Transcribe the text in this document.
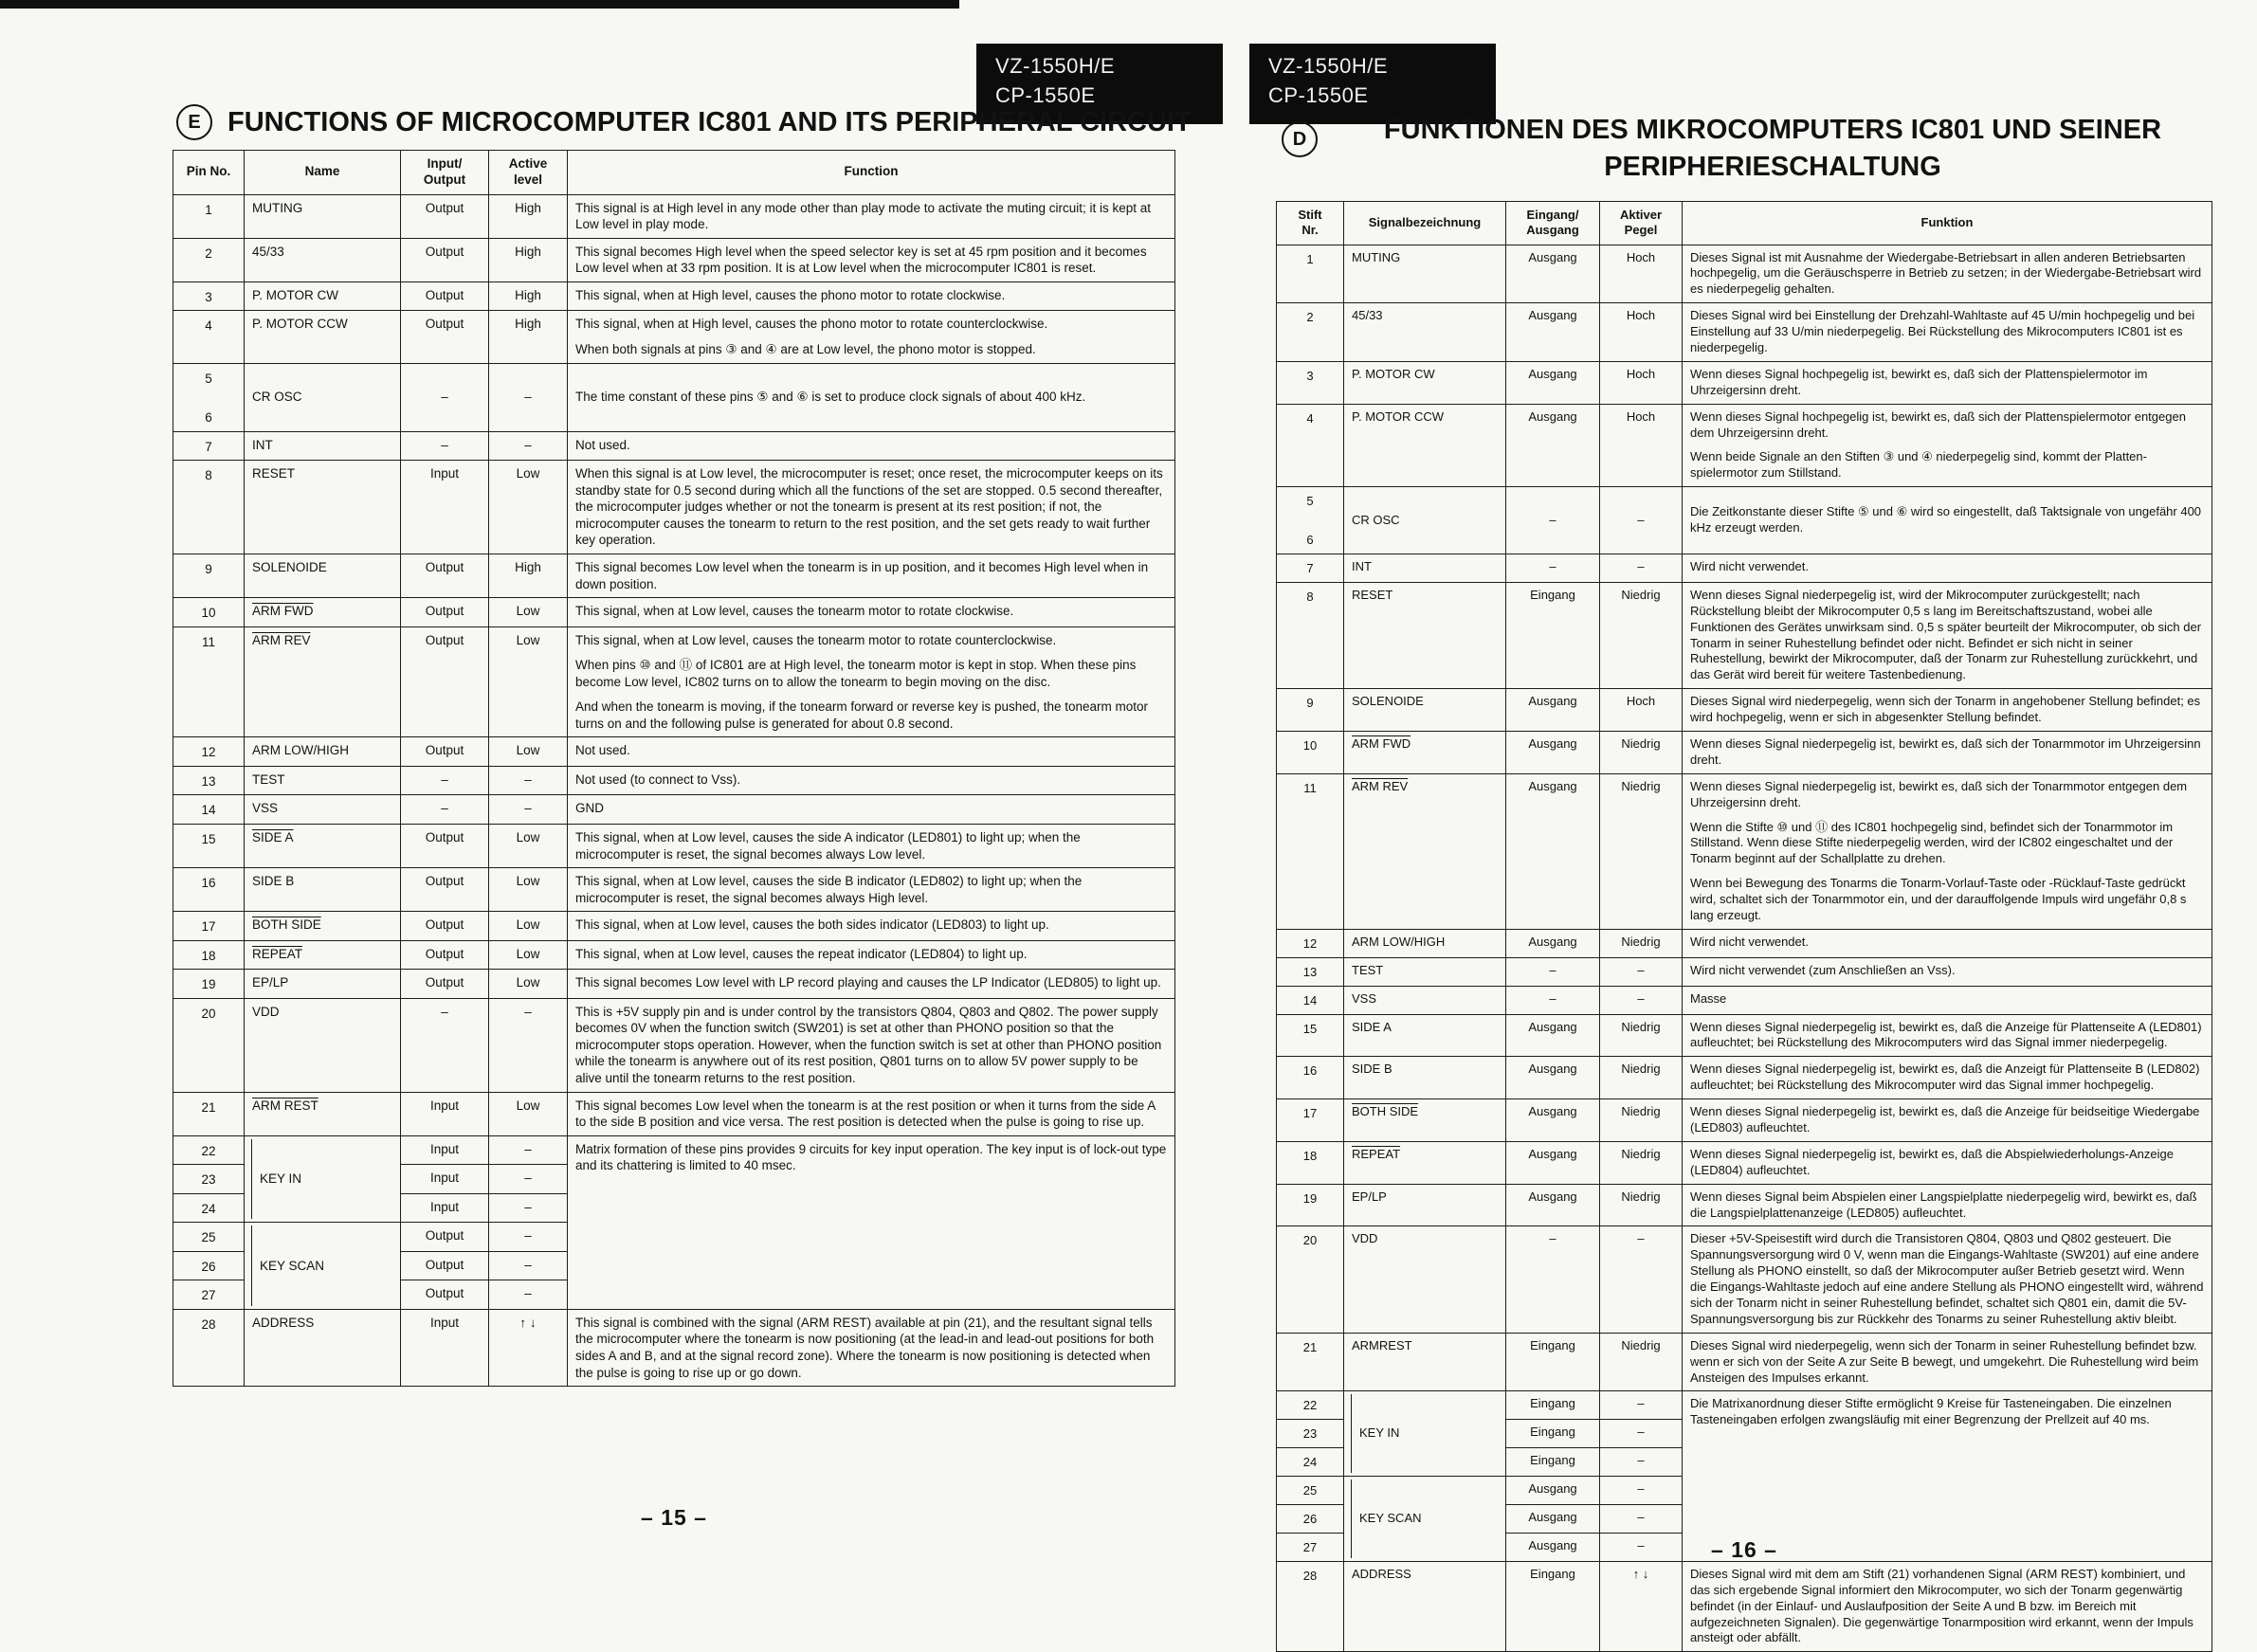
VZ-1550H/E
CP-1550E
VZ-1550H/E
CP-1550E
E FUNCTIONS OF MICROCOMPUTER IC801 AND ITS PERIPHERAL CIRCUIT
D	FUNKTIONEN DES MIKROCOMPUTERS IC801 UND SEINER
PERIPHERIESCHALTUNG
Pin No.	Name	Input/
Output	Active
level	Function
1	MUTING	Output	High	This signal is at High level in any mode other than play mode to activate the muting circuit; it is kept at Low level in play mode.

2	45/33	Output	High	This signal becomes High level when the speed selector key is set at 45 rpm position and it becomes Low level when at 33 rpm position. It is at Low level when the microcomputer IC801 is reset.

3	P. MOTOR CW	Output	High	This signal, when at High level, causes the phono motor to rotate clockwise.

4	P. MOTOR CCW	Output	High	This signal, when at High level, causes the phono motor to rotate counterclockwise.
When both signals at pins ③ and ④ are at Low level, the phono motor is stopped.

5
6	CR OSC	–	–	The time constant of these pins ⑤ and ⑥ is set to produce clock signals of about 400 kHz.

7	INT	–	–	Not used.

8	RESET	Input	Low	When this signal is at Low level, the microcomputer is reset; once reset, the microcomputer keeps on its standby state for 0.5 second during which all the functions of the set are stopped. 0.5 second thereafter, the microcomputer judges whether or not the tonearm is present at its rest position; if not, the microcomputer causes the tonearm to return to the rest position, and the set gets ready to wait further key operation.

9	SOLENOIDE	Output	High	This signal becomes Low level when the tonearm is in up position, and it becomes High level when in down position.

10	ARM FWD	Output	Low	This signal, when at Low level, causes the tonearm motor to rotate clockwise.

11	ARM REV	Output	Low	This signal, when at Low level, causes the tonearm motor to rotate counterclockwise.
When pins ⑩ and ⑪ of IC801 are at High level, the tonearm motor is kept in stop. When these pins become Low level, IC802 turns on to allow the tonearm to begin moving on the disc.
And when the tonearm is moving, if the tonearm forward or reverse key is pushed, the tonearm motor turns on and the following pulse is generated for about 0.8 second.

12	ARM LOW/HIGH	Output	Low	Not used.

13	TEST	–	–	Not used (to connect to Vss).

14	VSS	–	–	GND

15	SIDE A	Output	Low	This signal, when at Low level, causes the side A indicator (LED801) to light up; when the microcomputer is reset, the signal becomes always Low level.

16	SIDE B	Output	Low	This signal, when at Low level, causes the side B indicator (LED802) to light up; when the microcomputer is reset, the signal becomes always High level.

17	BOTH SIDE	Output	Low	This signal, when at Low level, causes the both sides indicator (LED803) to light up.

18	REPEAT	Output	Low	This signal, when at Low level, causes the repeat indicator (LED804) to light up.

19	EP/LP	Output	Low	This signal becomes Low level with LP record playing and causes the LP Indicator (LED805) to light up.

20	VDD	–	–	This is +5V supply pin and is under control by the transistors Q804, Q803 and Q802. The power supply becomes 0V when the function switch (SW201) is set at other than PHONO position so that the microcomputer stops operation. However, when the function switch is set at other than PHONO position while the tonearm is anywhere out of its rest position, Q801 turns on to allow 5V power supply to be alive until the tonearm returns to the rest position.

21	ARM REST	Input	Low	This signal becomes Low level when the tonearm is at the rest position or when it turns from the side A to the side B position and vice versa. The rest position is detected when the pulse is going to rise up.

22	KEY IN	Input	–	Matrix formation of these pins provides 9 circuits for key input operation. The key input is of lock-out type and its chattering is limited to 40 msec.

23		Input	–	
24		Input	–	
25	KEY SCAN	Output	–	
26		Output	–	
27		Output	–	
28	ADDRESS	Input	↑ ↓	This signal is combined with the signal (ARM REST) available at pin (21), and the resultant signal tells the microcomputer where the tonearm is now positioning (at the lead-in and lead-out positions for both sides A and B, and at the signal record zone). Where the tonearm is now positioning is detected when the pulse is going to rise up or go down.
Stift
Nr.	Signalbezeichnung	Eingang/
Ausgang	Aktiver
Pegel	Funktion
1	MUTING	Ausgang	Hoch	Dieses Signal ist mit Ausnahme der Wiedergabe-Betriebsart in allen anderen Betriebsarten hochpegelig, um die Geräuschsperre in Betrieb zu setzen; in der Wiedergabe-Betriebsart wird es niederpegelig gehalten.

2	45/33	Ausgang	Hoch	Dieses Signal wird bei Einstellung der Drehzahl-Wahltaste auf 45 U/min hochpegelig und bei Einstellung auf 33 U/min niederpegelig. Bei Rückstellung des Mikrocomputers IC801 ist es niederpegelig.

3	P. MOTOR CW	Ausgang	Hoch	Wenn dieses Signal hochpegelig ist, bewirkt es, daß sich der Plattenspielermotor im Uhrzeigersinn dreht.

4	P. MOTOR CCW	Ausgang	Hoch	Wenn dieses Signal hochpegelig ist, bewirkt es, daß sich der Plattenspielermotor entgegen dem Uhrzeigersinn dreht.
Wenn beide Signale an den Stiften ③ und ④ niederpegelig sind, kommt der Plattenspielermotor zum Stillstand.

5
6	CR OSC	–	–	Die Zeitkonstante dieser Stifte ⑤ und ⑥ wird so eingestellt, daß Taktsignale von ungefähr 400 kHz erzeugt werden.

7	INT	–	–	Wird nicht verwendet.

8	RESET	Eingang	Niedrig	Wenn dieses Signal niederpegelig ist, wird der Mikrocomputer zurückgestellt; nach Rückstellung bleibt der Mikrocomputer 0,5 s lang im Bereitschaftszustand, wobei alle Funktionen des Gerätes unwirksam sind. 0,5 s später beurteilt der Mikrocomputer, ob sich der Tonarm in seiner Ruhestellung befindet oder nicht. Befindet er sich nicht in seiner Ruhestellung, bewirkt der Mikrocomputer, daß der Tonarm zur Ruhestellung zurückkehrt, und das Gerät wird bereit für weitere Tastenbedienung.

9	SOLENOIDE	Ausgang	Hoch	Dieses Signal wird niederpegelig, wenn sich der Tonarm in angehobener Stellung befindet; es wird hochpegelig, wenn er sich in abgesenkter Stellung befindet.

10	ARM FWD	Ausgang	Niedrig	Wenn dieses Signal niederpegelig ist, bewirkt es, daß sich der Tonarmmotor im Uhrzeigersinn dreht.

11	ARM REV	Ausgang	Niedrig	Wenn dieses Signal niederpegelig ist, bewirkt es, daß sich der Tonarmmotor entgegen dem Uhrzeigersinn dreht.
Wenn die Stifte ⑩ und ⑪ des IC801 hochpegelig sind, befindet sich der Tonarmmotor im Stillstand. Wenn diese Stifte niederpegelig werden, wird der IC802 eingeschaltet und der Tonarm beginnt auf der Schallplatte zu drehen.
Wenn bei Bewegung des Tonarms die Tonarm-Vorlauf-Taste oder -Rücklauf-Taste gedrückt wird, schaltet sich der Tonarmmotor ein, und der darauffolgende Impuls wird ungefähr 0,8 s lang erzeugt.

12	ARM LOW/HIGH	Ausgang	Niedrig	Wird nicht verwendet.

13	TEST	–	–	Wird nicht verwendet (zum Anschließen an Vss).

14	VSS	–	–	Masse

15	SIDE A	Ausgang	Niedrig	Wenn dieses Signal niederpegelig ist, bewirkt es, daß die Anzeige für Plattenseite A (LED801) aufleuchtet; bei Rückstellung des Mikrocomputers wird das Signal immer niederpegelig.

16	SIDE B	Ausgang	Niedrig	Wenn dieses Signal niederpegelig ist, bewirkt es, daß die Anzeigt für Plattenseite B (LED802) aufleuchtet; bei Rückstellung des Mikrocomputer wird das Signal immer hochpegelig.

17	BOTH SIDE	Ausgang	Niedrig	Wenn dieses Signal niederpegelig ist, bewirkt es, daß die Anzeige für beidseitige Wiedergabe (LED803) aufleuchtet.

18	REPEAT	Ausgang	Niedrig	Wenn dieses Signal niederpegelig ist, bewirkt es, daß die Abspielwiederholungs-Anzeige (LED804) aufleuchtet.

19	EP/LP	Ausgang	Niedrig	Wenn dieses Signal beim Abspielen einer Langspielplatte niederpegelig wird, bewirkt es, daß die Langspielplattenanzeige (LED805) aufleuchtet.

20	VDD	–	–	Dieser +5V-Speisestift wird durch die Transistoren Q804, Q803 und Q802 gesteuert. Die Spannungsversorgung wird 0 V, wenn man die Eingangs-Wahltaste (SW201) auf eine andere Stellung als PHONO einstellt, so daß der Mikrocomputer außer Betrieb gesetzt wird. Wenn die Eingangs-Wahltaste jedoch auf eine andere Stellung als PHONO eingestellt wird, während sich der Tonarm nicht in seiner Ruhestellung befindet, schaltet sich Q801 ein, damit die 5V-Spannungsversorgung bis zur Rückkehr des Tonarms zu seiner Ruhestellung aktiv bleibt.

21	ARMREST	Eingang	Niedrig	Dieses Signal wird niederpegelig, wenn sich der Tonarm in seiner Ruhestellung befindet bzw. wenn er sich von der Seite A zur Seite B bewegt, und umgekehrt. Die Ruhestellung wird beim Ansteigen des Impulses erkannt.

22	KEY IN	Eingang	–	Die Matrixanordnung dieser Stifte ermöglicht 9 Kreise für Tasteneingaben. Die einzelnen Tasteneingaben erfolgen zwangsläufig mit einer Begrenzung der Prellzeit auf 40 ms.

23		Eingang	–	
24		Eingang	–	
25	KEY SCAN	Ausgang	–	
26		Ausgang	–	
27		Ausgang	–	
28	ADDRESS	Eingang	↑ ↓	Dieses Signal wird mit dem am Stift (21) vorhandenen Signal (ARM REST) kombiniert, und das sich ergebende Signal informiert den Mikrocomputer, wo sich der Tonarm gegenwärtig befindet (in der Einlauf- und Auslaufposition der Seite A und B bzw. im Bereich mit aufgezeichneten Signalen). Die gegenwärtige Tonarmposition wird erkannt, wenn der Impuls ansteigt oder abfällt.
– 15 –
– 16 –
